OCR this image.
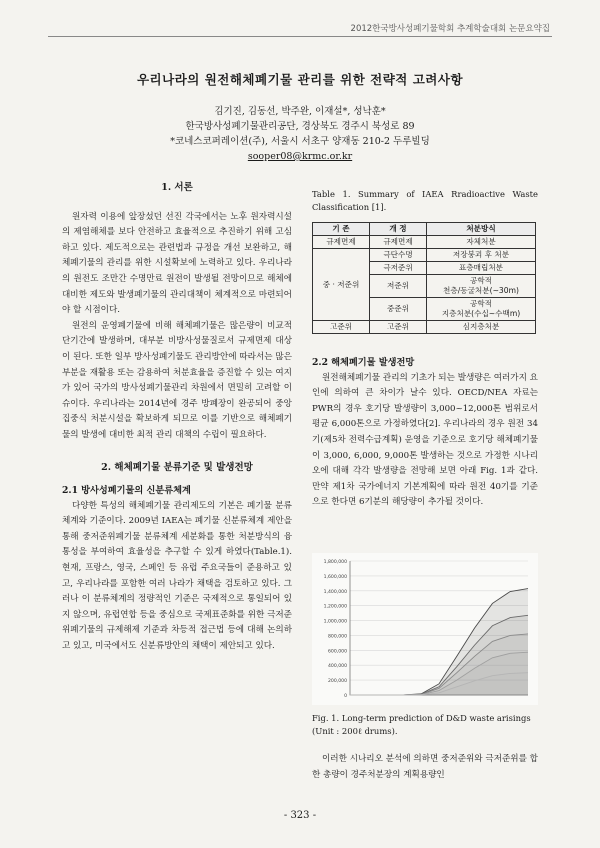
2012한국방사성폐기물학회 추계학술대회 논문요약집
우리나라의 원전해체폐기물 관리를 위한 전략적 고려사항
김기진, 김동선, 박주완, 이재설*, 성낙훈*
한국방사성폐기물관리공단, 경상북도 경주시 북성로 89
*코네스코퍼레이션(주), 서울시 서초구 양재동 210-2 두루빌딩
sooper08@krmc.or.kr
1. 서론

원자력 이용에 앞장섰던 선진 각국에서는 노후 원자력시설의 제염해체를 보다 안전하고 효율적으로 추진하기 위해 고심하고 있다. 제도적으로는 관련법과 규정을 개선 보완하고, 해체폐기물의 관리를 위한 시설확보에 노력하고 있다. 우리나라의 원전도 조만간 수명만료 원전이 발생될 전망이므로 해체에 대비한 제도와 발생폐기물의 관리대책이 체계적으로 마련되어야 할 시점이다.

원전의 운영폐기물에 비해 해체폐기물은 많은량이 비교적 단기간에 발생하며, 대부분 비방사성물질로서 규제면제 대상이 된다. 또한 일부 방사성폐기물도 관리방안에 따라서는 많은 부분을 재활용 또는 감용하여 처분효율을 증진할 수 있는 여지가 있어 국가의 방사성폐기물관리 차원에서 면밀히 고려할 이슈이다. 우리나라는 2014년에 경주 방폐장이 완공되어 중앙집중식 처분시설을 확보하게 되므로 이를 기반으로 해체폐기물의 발생에 대비한 최적 관리 대책의 수립이 필요하다.

2. 해체폐기물 분류기준 및 발생전망
2.1 방사성폐기물의 신분류체계

다양한 특성의 해체폐기물 관리제도의 기본은 폐기물 분류체계와 기준이다. 2009년 IAEA는 폐기물 신분류체계 제안을 통해 중저준위폐기물 분류체계 세분화를 통한 처분방식의 융통성을 부여하여 효율성을 추구할 수 있게 하였다(Table.1). 현재, 프랑스, 영국, 스페인 등 유럽 주요국들이 준용하고 있고, 우리나라를 포함한 여러 나라가 채택을 검토하고 있다. 그러나 이 분류체계의 정량적인 기준은 국제적으로 통일되어 있지 않으며, 유럽연합 등을 중심으로 국제표준화를 위한 극저준위폐기물의 규제해제 기준과 차등적 접근법 등에 대해 논의하고 있고, 미국에서도 신분류방안의 채택이 제안되고 있다.

Table 1. Summary of IAEA Rradioactive Waste Classification [1].
기 존	개 정	처분방식
규제면제	규제면제	자체처분
중 · 저준위	극단수명	저장붕괴 후 처분
	극저준위	표층매립처분
	저준위	공학적
천층/동굴처분(~30m)

	중준위	공학적
지층처분(수십~수백m)

고준위	고준위	심지층처분
2.2 해체폐기물 발생전망

원전해체폐기물 관리의 기초가 되는 발생량은 여러가지 요인에 의하여 큰 차이가 날수 있다. OECD/NEA 자료는 PWR의 경우 호기당 발생량이 3,000~12,000톤 범위로서 평균 6,000톤으로 가정하였다[2]. 우리나라의 경우 원전 34기(제5차 전력수급계획) 운영을 기준으로 호기당 해체폐기물이 3,000, 6,000, 9,000톤 발생하는 것으로 가정한 시나리오에 대해 각각 발생량을 전망해 보면 아래 Fig. 1과 같다. 만약 제1차 국가에너지 기본계획에 따라 원전 40기를 기준으로 한다면 6기분의 해당량이 추가될 것이다.

1,800,000
1,600,000
1,400,000
1,200,000
1,000,000
800,000
600,000
400,000
200,000
0
Fig. 1. Long-term prediction of D&D waste arisings (Unit : 200ℓ drums).

이러한 시나리오 분석에 의하면 중저준위와 극저준위를 합한 총량이 경주처분장의 계획용량인

- 323 -
